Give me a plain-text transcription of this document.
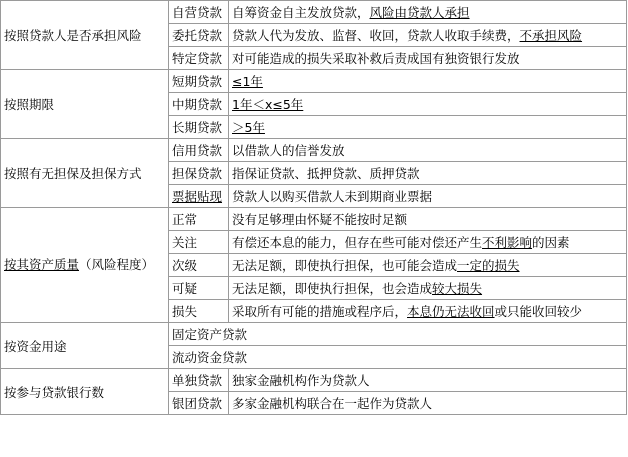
按照贷款人是否承担风险	自营贷款	自筹资金自主发放贷款，风险由贷款人承担
	委托贷款	贷款人代为发放、监督、收回，贷款人收取手续费，不承担风险
	特定贷款	对可能造成的损失采取补救后责成国有独资银行发放
按照期限	短期贷款	≤1年
	中期贷款	1年＜x≤5年
	长期贷款	＞5年
按照有无担保及担保方式	信用贷款	以借款人的信誉发放
	担保贷款	指保证贷款、抵押贷款、质押贷款
	票据贴现	贷款人以购买借款人未到期商业票据
按其资产质量（风险程度）	正常	没有足够理由怀疑不能按时足额
	关注	有偿还本息的能力，但存在些可能对偿还产生不利影响的因素
	次级	无法足额，即使执行担保，也可能会造成一定的损失
	可疑	无法足额，即使执行担保，也会造成较大损失
	损失	采取所有可能的措施或程序后，本息仍无法收回或只能收回较少
按资金用途	固定资产贷款	
	流动资金贷款	
按参与贷款银行数	单独贷款	独家金融机构作为贷款人
	银团贷款	多家金融机构联合在一起作为贷款人
